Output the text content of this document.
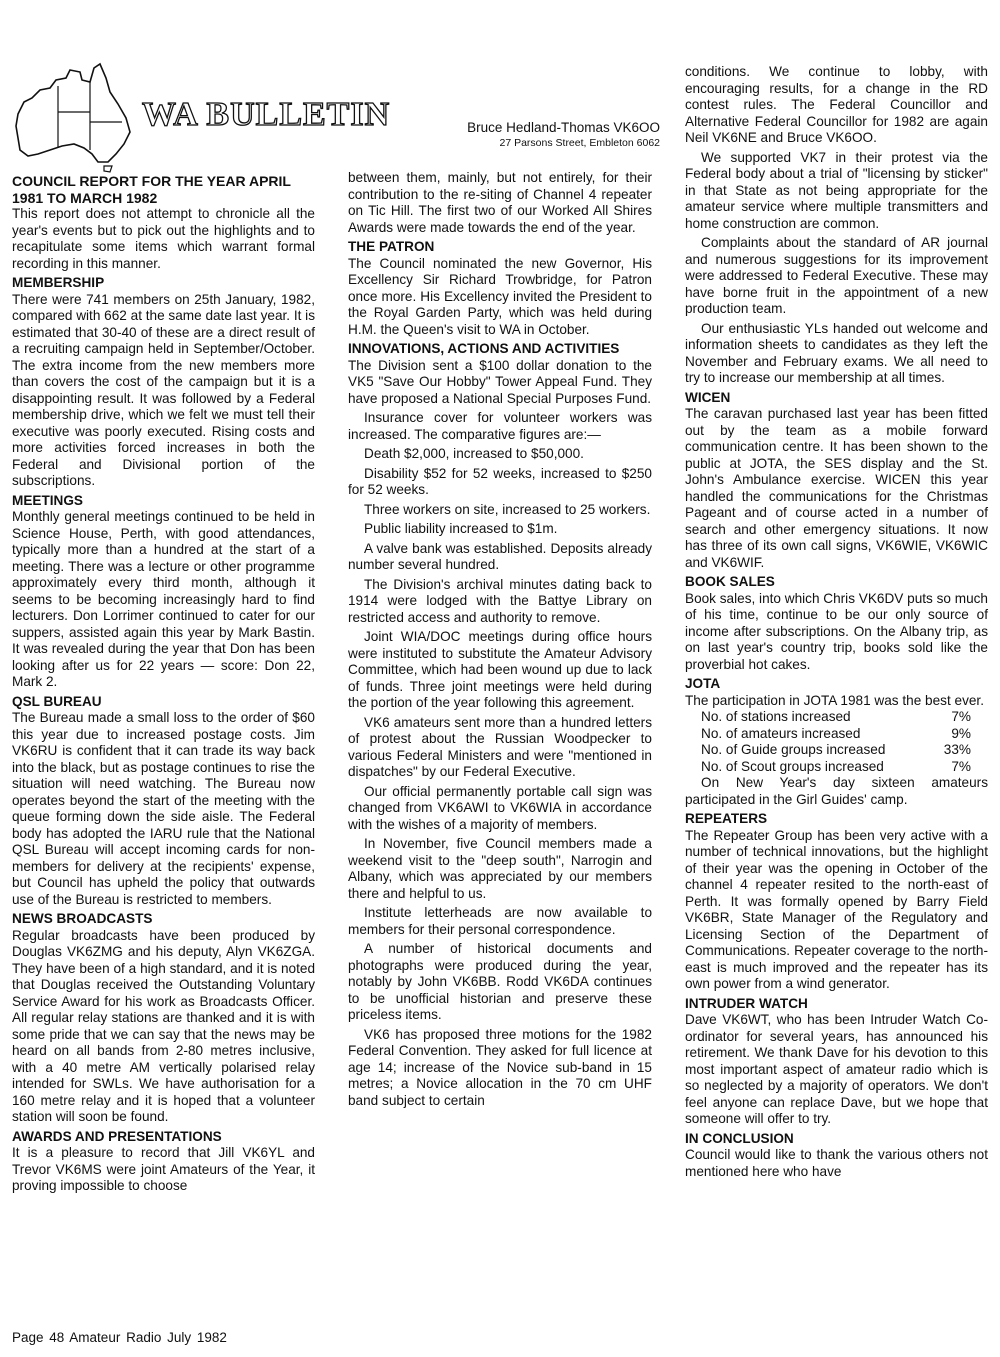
WA BULLETIN	Bruce Hedland-Thomas VK6OO
27 Parsons Street, Embleton 6062
COUNCIL REPORT FOR THE YEAR APRIL 1981 TO MARCH 1982

This report does not attempt to chronicle all the year's events but to pick out the highlights and to recapitulate some items which warrant formal recording in this manner.

MEMBERSHIP

There were 741 members on 25th January, 1982, compared with 662 at the same date last year. It is estimated that 30-40 of these are a direct result of a recruiting campaign held in September/October. The extra income from the new members more than covers the cost of the campaign but it is a disappointing result. It was followed by a Federal membership drive, which we felt we must tell their executive was poorly executed. Rising costs and more activities forced increases in both the Federal and Divisional portion of the subscriptions.

MEETINGS

Monthly general meetings continued to be held in Science House, Perth, with good attendances, typically more than a hundred at the start of a meeting. There was a lecture or other programme approximately every third month, although it seems to be becoming increasingly hard to find lecturers. Don Lorrimer continued to cater for our suppers, assisted again this year by Mark Bastin. It was revealed during the year that Don has been looking after us for 22 years — score: Don 22, Mark 2.

QSL BUREAU

The Bureau made a small loss to the order of $60 this year due to increased postage costs. Jim VK6RU is confident that it can trade its way back into the black, but as postage continues to rise the situation will need watching. The Bureau now operates beyond the start of the meeting with the queue forming down the side aisle. The Federal body has adopted the IARU rule that the National QSL Bureau will accept incoming cards for non-members for delivery at the recipients' expense, but Council has upheld the policy that outwards use of the Bureau is restricted to members.

NEWS BROADCASTS

Regular broadcasts have been produced by Douglas VK6ZMG and his deputy, Alyn VK6ZGA. They have been of a high standard, and it is noted that Douglas received the Outstanding Voluntary Service Award for his work as Broadcasts Officer. All regular relay stations are thanked and it is with some pride that we can say that the news may be heard on all bands from 2-80 metres inclusive, with a 40 metre AM vertically polarised relay intended for SWLs. We have authorisation for a 160 metre relay and it is hoped that a volunteer station will soon be found.

AWARDS AND PRESENTATIONS

It is a pleasure to record that Jill VK6YL and Trevor VK6MS were joint Amateurs of the Year, it proving impossible to choose

between them, mainly, but not entirely, for their contribution to the re-siting of Channel 4 repeater on Tic Hill. The first two of our Worked All Shires Awards were made towards the end of the year.

THE PATRON

The Council nominated the new Governor, His Excellency Sir Richard Trowbridge, for Patron once more. His Excellency invited the President to the Royal Garden Party, which was held during H.M. the Queen's visit to WA in October.

INNOVATIONS, ACTIONS AND ACTIVITIES

The Division sent a $100 dollar donation to the VK5 "Save Our Hobby" Tower Appeal Fund. They have proposed a National Special Purposes Fund.

Insurance cover for volunteer workers was increased. The comparative figures are:—

Death $2,000, increased to $50,000.

Disability $52 for 52 weeks, increased to $250 for 52 weeks.

Three workers on site, increased to 25 workers.

Public liability increased to $1m.

A valve bank was established. Deposits already number several hundred.

The Division's archival minutes dating back to 1914 were lodged with the Battye Library on restricted access and authority to remove.

Joint WIA/DOC meetings during office hours were instituted to substitute the Amateur Advisory Committee, which had been wound up due to lack of funds. Three joint meetings were held during the portion of the year following this agreement.

VK6 amateurs sent more than a hundred letters of protest about the Russian Woodpecker to various Federal Ministers and were "mentioned in dispatches" by our Federal Executive.

Our official permanently portable call sign was changed from VK6AWI to VK6WIA in accordance with the wishes of a majority of members.

In November, five Council members made a weekend visit to the "deep south", Narrogin and Albany, which was appreciated by our members there and helpful to us.

Institute letterheads are now available to members for their personal correspondence.

A number of historical documents and photographs were produced during the year, notably by John VK6BB. Rodd VK6DA continues to be unofficial historian and preserve these priceless items.

VK6 has proposed three motions for the 1982 Federal Convention. They asked for full licence at age 14; increase of the Novice sub-band in 15 metres; a Novice allocation in the 70 cm UHF band subject to certain

conditions. We continue to lobby, with encouraging results, for a change in the RD contest rules. The Federal Councillor and Alternative Federal Councillor for 1982 are again Neil VK6NE and Bruce VK6OO.

We supported VK7 in their protest via the Federal body about a trial of "licensing by sticker" in that State as not being appropriate for the amateur service where multiple transmitters and home construction are common.

Complaints about the standard of AR journal and numerous suggestions for its improvement were addressed to Federal Executive. These may have borne fruit in the appointment of a new production team.

Our enthusiastic YLs handed out welcome and information sheets to candidates as they left the November and February exams. We all need to try to increase our membership at all times.

WICEN

The caravan purchased last year has been fitted out by the team as a mobile forward communication centre. It has been shown to the public at JOTA, the SES display and the St. John's Ambulance exercise. WICEN this year handled the communications for the Christmas Pageant and of course acted in a number of search and other emergency situations. It now has three of its own call signs, VK6WIE, VK6WIC and VK6WIF.

BOOK SALES

Book sales, into which Chris VK6DV puts so much of his time, continue to be our only source of income after subscriptions. On the Albany trip, as on last year's country trip, books sold like the proverbial hot cakes.

JOTA

The participation in JOTA 1981 was the best ever.

No. of stations increased	7%
No. of amateurs increased	9%
No. of Guide groups increased	33%
No. of Scout groups increased	7%

On New Year's day sixteen amateurs participated in the Girl Guides' camp.

REPEATERS

The Repeater Group has been very active with a number of technical innovations, but the highlight of their year was the opening in October of the channel 4 repeater resited to the north-east of Perth. It was formally opened by Barry Field VK6BR, State Manager of the Regulatory and Licensing Section of the Department of Communications. Repeater coverage to the north-east is much improved and the repeater has its own power from a wind generator.

INTRUDER WATCH

Dave VK6WT, who has been Intruder Watch Co-ordinator for several years, has announced his retirement. We thank Dave for his devotion to this most important aspect of amateur radio which is so neglected by a majority of operators. We don't feel anyone can replace Dave, but we hope that someone will offer to try.

IN CONCLUSION

Council would like to thank the various others not mentioned here who have

Page 48 Amateur Radio July 1982
